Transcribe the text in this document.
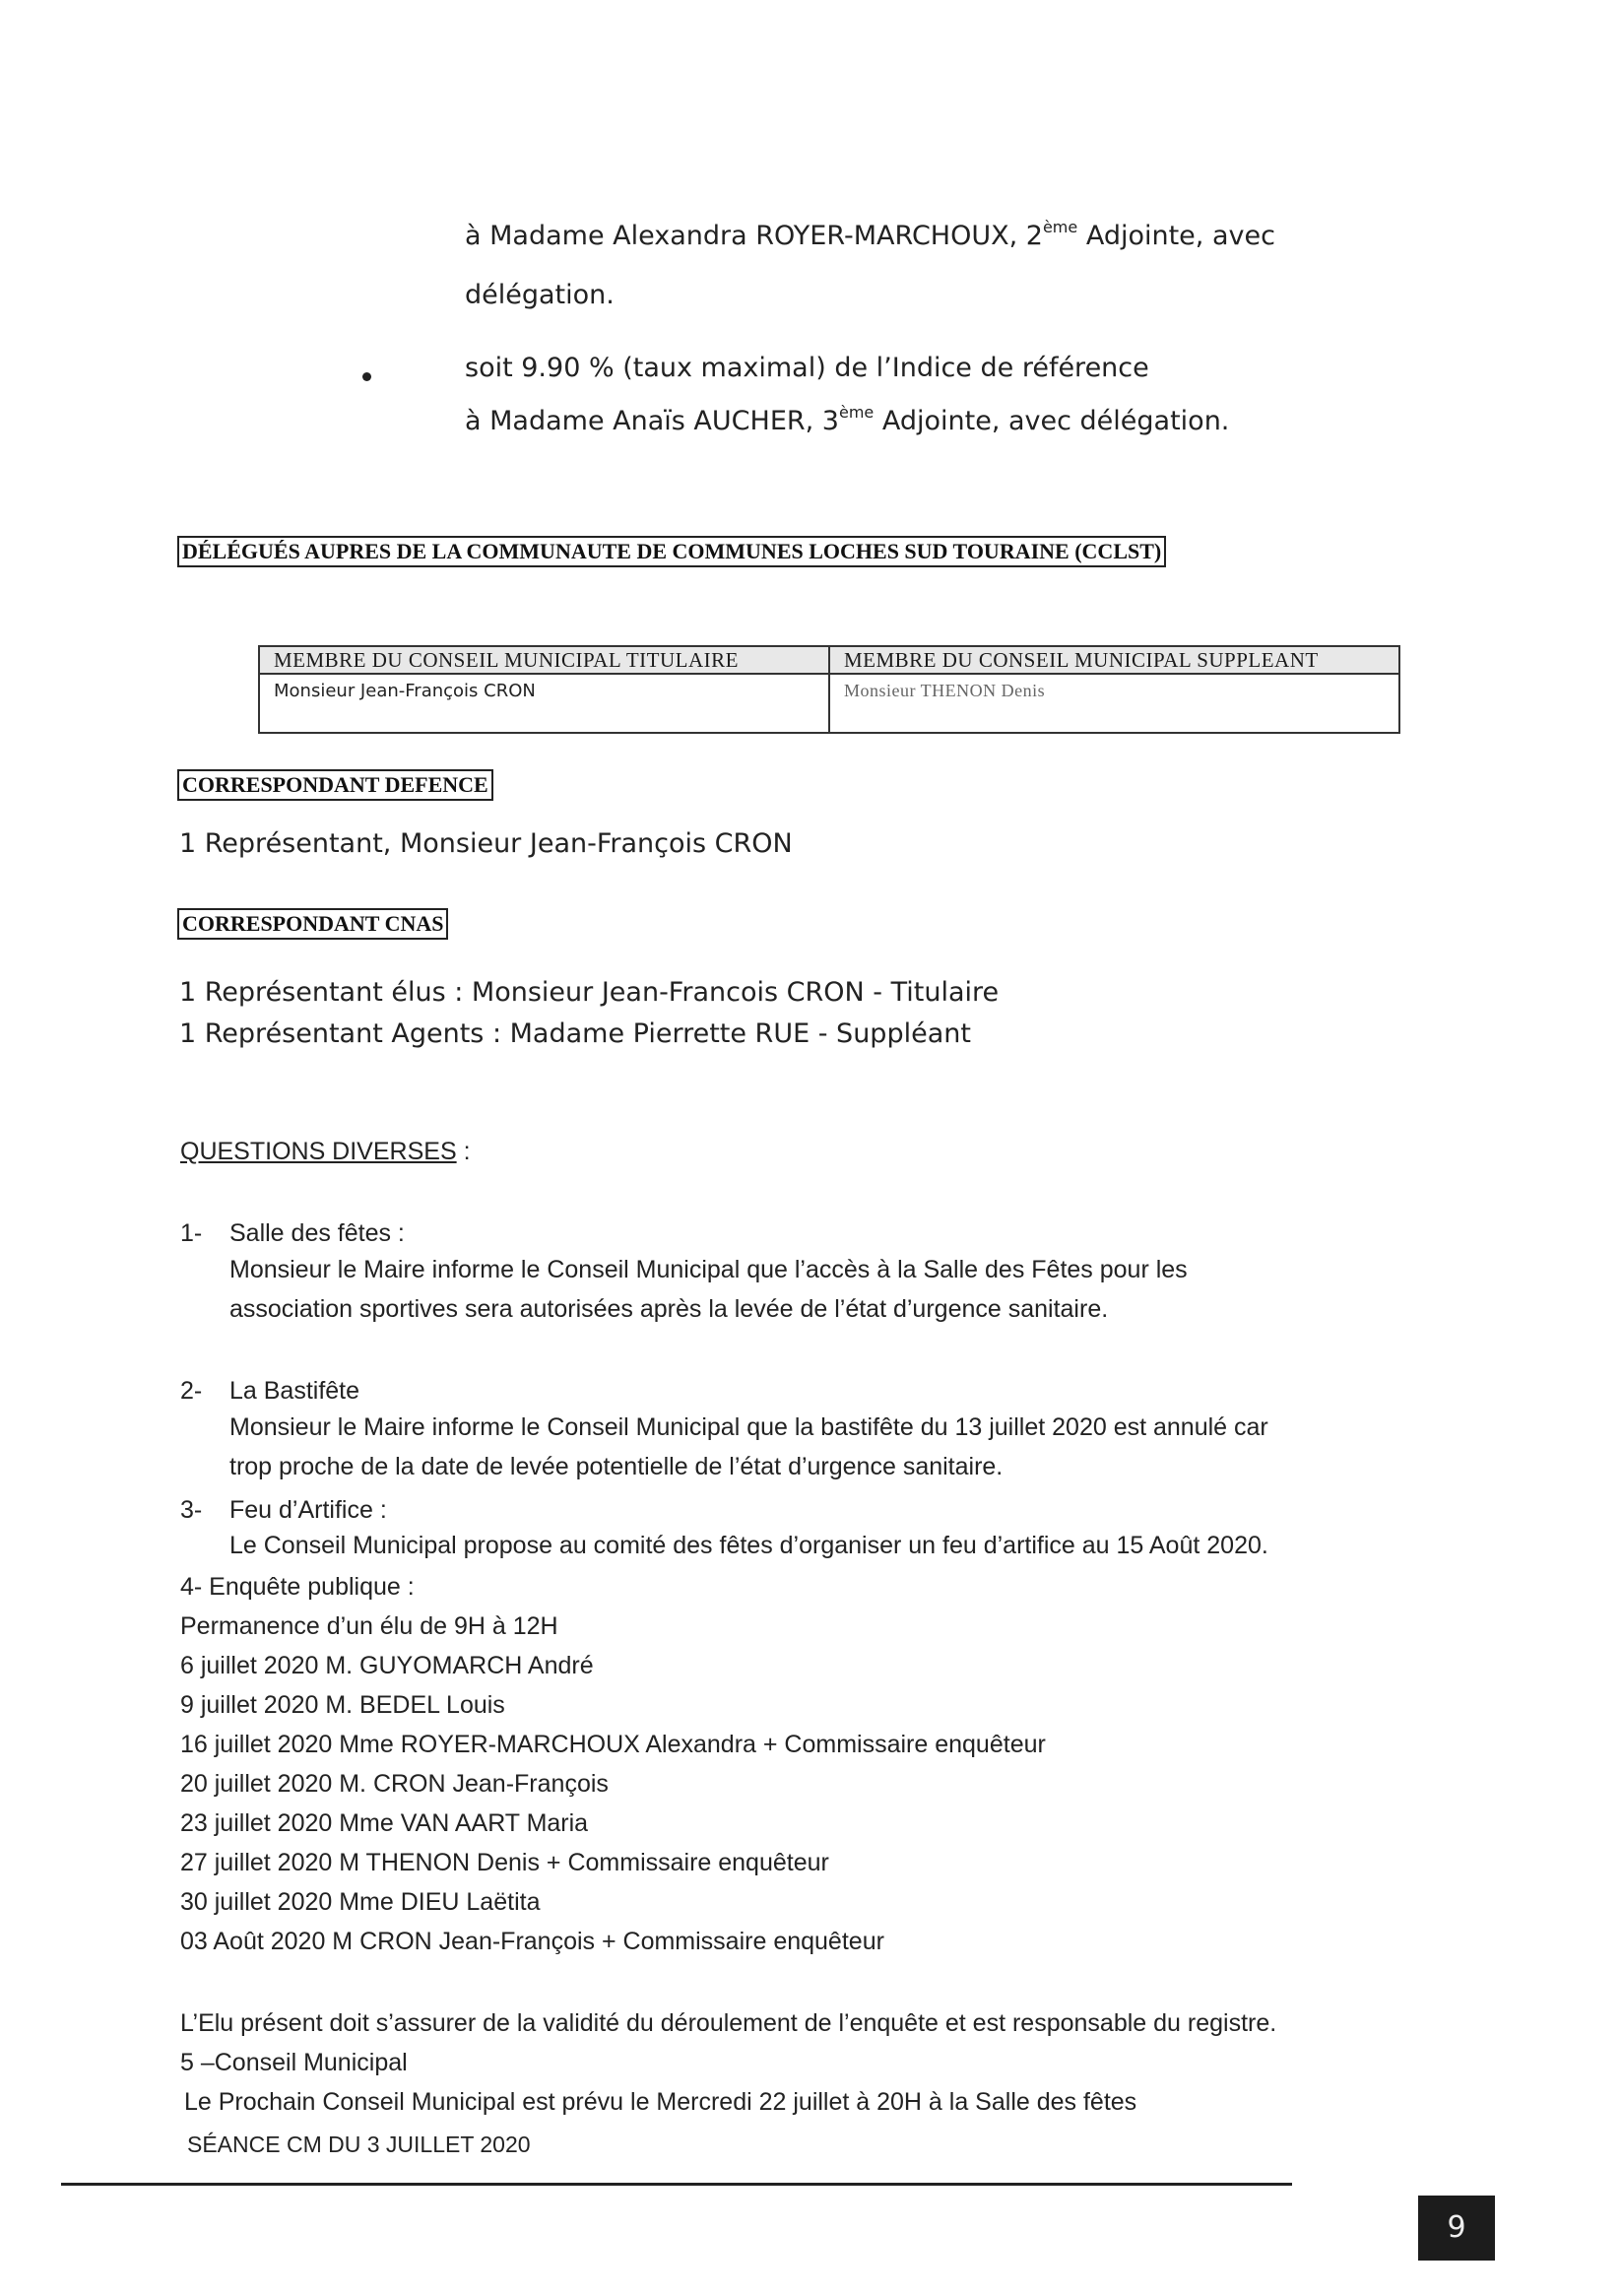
à Madame Alexandra ROYER-MARCHOUX, 2ème Adjointe, avec
délégation.
soit 9.90 % (taux maximal) de l’Indice de référence
à Madame Anaïs AUCHER, 3ème Adjointe, avec délégation.
DÉLÉGUÉS AUPRES DE LA COMMUNAUTE DE COMMUNES LOCHES SUD TOURAINE (CCLST)
MEMBRE DU CONSEIL MUNICIPAL TITULAIRE	MEMBRE DU CONSEIL MUNICIPAL SUPPLEANT
Monsieur Jean-François CRON	Monsieur THENON Denis
CORRESPONDANT DEFENCE
1 Représentant, Monsieur Jean-François CRON
CORRESPONDANT CNAS
1 Représentant élus : Monsieur Jean-Francois CRON - Titulaire
1 Représentant Agents : Madame Pierrette RUE - Suppléant
QUESTIONS DIVERSES :
1- Salle des fêtes :
Monsieur le Maire informe le Conseil Municipal que l’accès à la Salle des Fêtes pour les
association sportives sera autorisées après la levée de l’état d’urgence sanitaire.
2- La Bastifête
Monsieur le Maire informe le Conseil Municipal que la bastifête du 13 juillet 2020 est annulé car
trop proche de la date de levée potentielle de l’état d’urgence sanitaire.
3- Feu d’Artifice :
Le Conseil Municipal propose au comité des fêtes d’organiser un feu d’artifice au 15 Août 2020.
4- Enquête publique :
Permanence d’un élu de 9H à 12H
6 juillet 2020 M. GUYOMARCH André
9 juillet 2020 M. BEDEL Louis
16 juillet 2020 Mme ROYER-MARCHOUX Alexandra + Commissaire enquêteur
20 juillet 2020 M. CRON Jean-François
23 juillet 2020 Mme VAN AART Maria
27 juillet 2020 M THENON Denis + Commissaire enquêteur
30 juillet 2020 Mme DIEU Laëtita
03 Août 2020 M CRON Jean-François + Commissaire enquêteur
L’Elu présent doit s’assurer de la validité du déroulement de l’enquête et est responsable du registre.
5 –Conseil Municipal
Le Prochain Conseil Municipal est prévu le Mercredi 22 juillet à 20H à la Salle des fêtes
SÉANCE CM DU 3 JUILLET 2020
9
